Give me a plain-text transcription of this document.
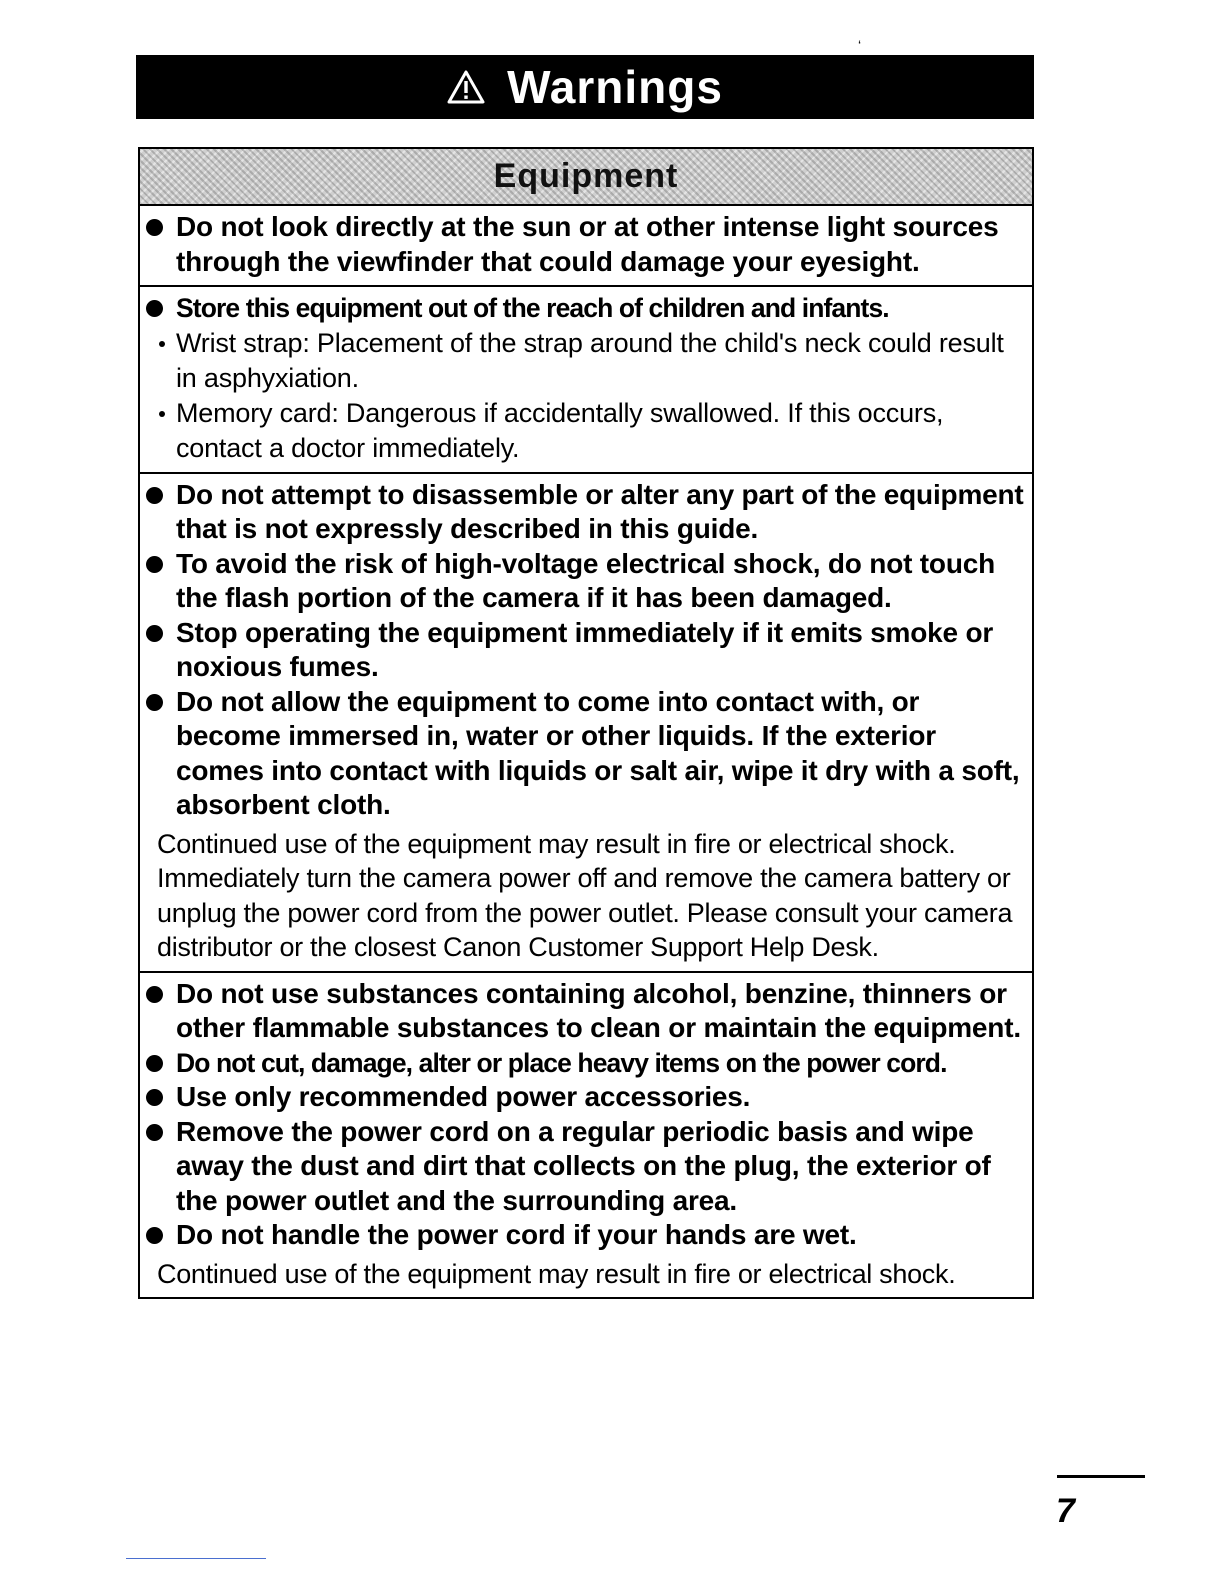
‘
Warnings
Equipment
Do not look directly at the sun or at other intense light sources through the viewfinder that could damage your eyesight.
Store this equipment out of the reach of children and infants.
Wrist strap: Placement of the strap around the child's neck could result in asphyxiation.
Memory card: Dangerous if accidentally swallowed. If this occurs, contact a doctor immediately.
Do not attempt to disassemble or alter any part of the equipment that is not expressly described in this guide.
To avoid the risk of high-voltage electrical shock, do not touch the flash portion of the camera if it has been damaged.
Stop operating the equipment immediately if it emits smoke or noxious fumes.
Do not allow the equipment to come into contact with, or become immersed in, water or other liquids. If the exterior comes into contact with liquids or salt air, wipe it dry with a soft, absorbent cloth.
Continued use of the equipment may result in fire or electrical shock. Immediately turn the camera power off and remove the camera battery or unplug the power cord from the power outlet. Please consult your camera distributor or the closest Canon Customer Support Help Desk.
Do not use substances containing alcohol, benzine, thinners or other flammable substances to clean or maintain the equipment.
Do not cut, damage, alter or place heavy items on the power cord.
Use only recommended power accessories.
Remove the power cord on a regular periodic basis and wipe away the dust and dirt that collects on the plug, the exterior of the power outlet and the surrounding area.
Do not handle the power cord if your hands are wet.
Continued use of the equipment may result in fire or electrical shock.
7
